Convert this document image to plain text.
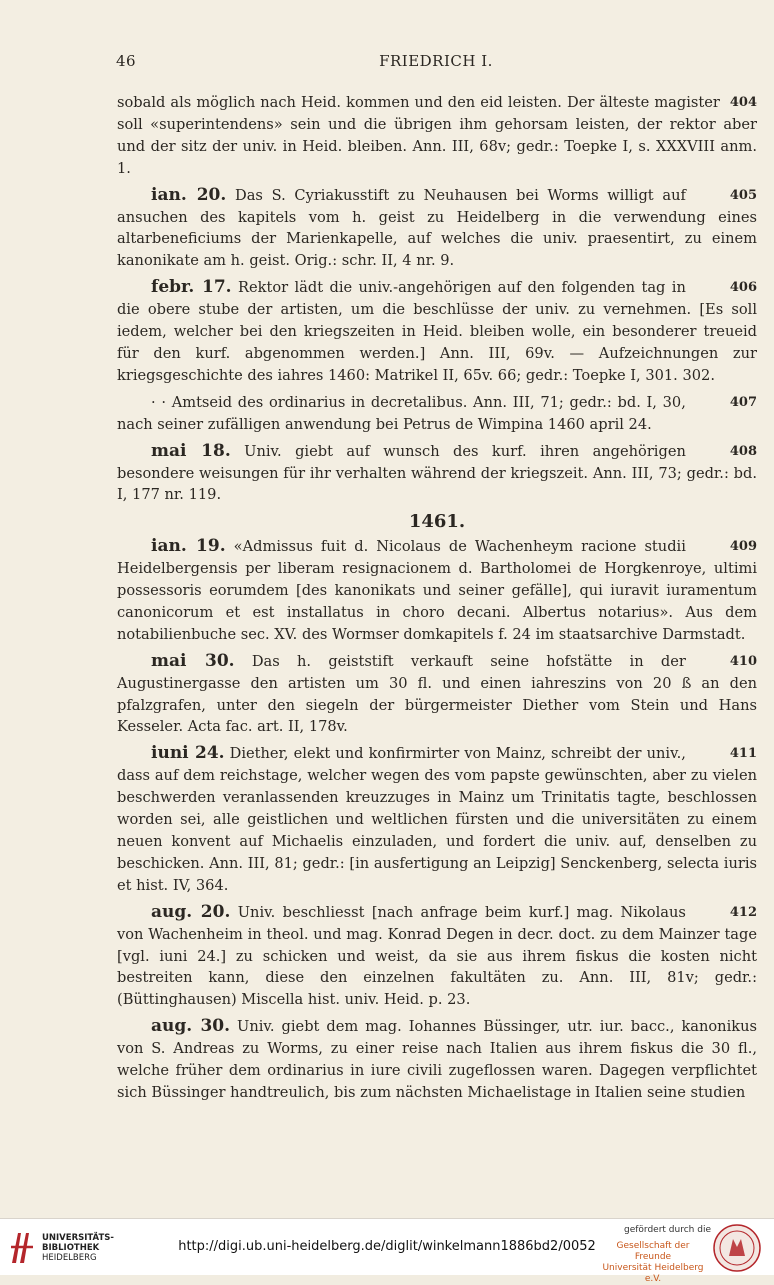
46	FRIEDRICH I.

404
sobald als möglich nach Heid. kommen und den eid leisten. Der älteste magister soll «superintendens» sein und die übrigen ihm gehorsam leisten, der rektor aber und der sitz der univ. in Heid. bleiben. Ann. III, 68v; gedr.: Toepke I, s. XXXVIII anm. 1.

405
ian. 20. Das S. Cyriakusstift zu Neuhausen bei Worms willigt auf ansuchen des kapitels vom h. geist zu Heidelberg in die verwendung eines altarbeneficiums der Marienkapelle, auf welches die univ. praesentirt, zu einem kanonikate am h. geist. Orig.: schr. II, 4 nr. 9.

406
febr. 17. Rektor lädt die univ.-angehörigen auf den folgenden tag in die obere stube der artisten, um die beschlüsse der univ. zu vernehmen. [Es soll iedem, welcher bei den kriegszeiten in Heid. bleiben wolle, ein besonderer treueid für den kurf. abgenommen werden.] Ann. III, 69v. — Aufzeichnungen zur kriegsgeschichte des iahres 1460: Matrikel II, 65v. 66; gedr.: Toepke I, 301. 302.

407
· · Amtseid des ordinarius in decretalibus. Ann. III, 71; gedr.: bd. I, 30, nach seiner zufälligen anwendung bei Petrus de Wimpina 1460 april 24.

408
mai 18. Univ. giebt auf wunsch des kurf. ihren angehörigen besondere weisungen für ihr verhalten während der kriegszeit. Ann. III, 73; gedr.: bd. I, 177 nr. 119.

1461.

409
ian. 19. «Admissus fuit d. Nicolaus de Wachenheym racione studii Heidelbergensis per liberam resignacionem d. Bartholomei de Horgkenroye, ultimi possessoris eorumdem [des kanonikats und seiner gefälle], qui iuravit iuramentum canonicorum et est installatus in choro decani. Albertus notarius». Aus dem notabilienbuche sec. XV. des Wormser domkapitels f. 24 im staatsarchive Darmstadt.

410
mai 30. Das h. geiststift verkauft seine hofstätte in der Augustinergasse den artisten um 30 fl. und einen iahreszins von 20 ß an den pfalzgrafen, unter den siegeln der bürgermeister Diether vom Stein und Hans Kesseler. Acta fac. art. II, 178v.

411
iuni 24. Diether, elekt und konfirmirter von Mainz, schreibt der univ., dass auf dem reichstage, welcher wegen des vom papste gewünschten, aber zu vielen beschwerden veranlassenden kreuzzuges in Mainz um Trinitatis tagte, beschlossen worden sei, alle geistlichen und weltlichen fürsten und die universitäten zu einem neuen konvent auf Michaelis einzuladen, und fordert die univ. auf, denselben zu beschicken. Ann. III, 81; gedr.: [in ausfertigung an Leipzig] Senckenberg, selecta iuris et hist. IV, 364.

412
aug. 20. Univ. beschliesst [nach anfrage beim kurf.] mag. Nikolaus von Wachenheim in theol. und mag. Konrad Degen in decr. doct. zu dem Mainzer tage [vgl. iuni 24.] zu schicken und weist, da sie aus ihrem fiskus die kosten nicht bestreiten kann, diese den einzelnen fakultäten zu. Ann. III, 81v; gedr.: (Büttinghausen) Miscella hist. univ. Heid. p. 23.

aug. 30. Univ. giebt dem mag. Iohannes Büssinger, utr. iur. bacc., kanonikus von S. Andreas zu Worms, zu einer reise nach Italien aus ihrem fiskus die 30 fl., welche früher dem ordinarius in iure civili zugeflossen waren. Dagegen verpflichtet sich Büssinger handtreulich, bis zum nächsten Michaelistage in Italien seine studien

UNIVERSITÄTS-
BIBLIOTHEK
HEIDELBERG
http://digi.ub.uni-heidelberg.de/diglit/winkelmann1886bd2/0052
gefördert durch die
Gesellschaft der Freunde
Universität Heidelberg e.V.
